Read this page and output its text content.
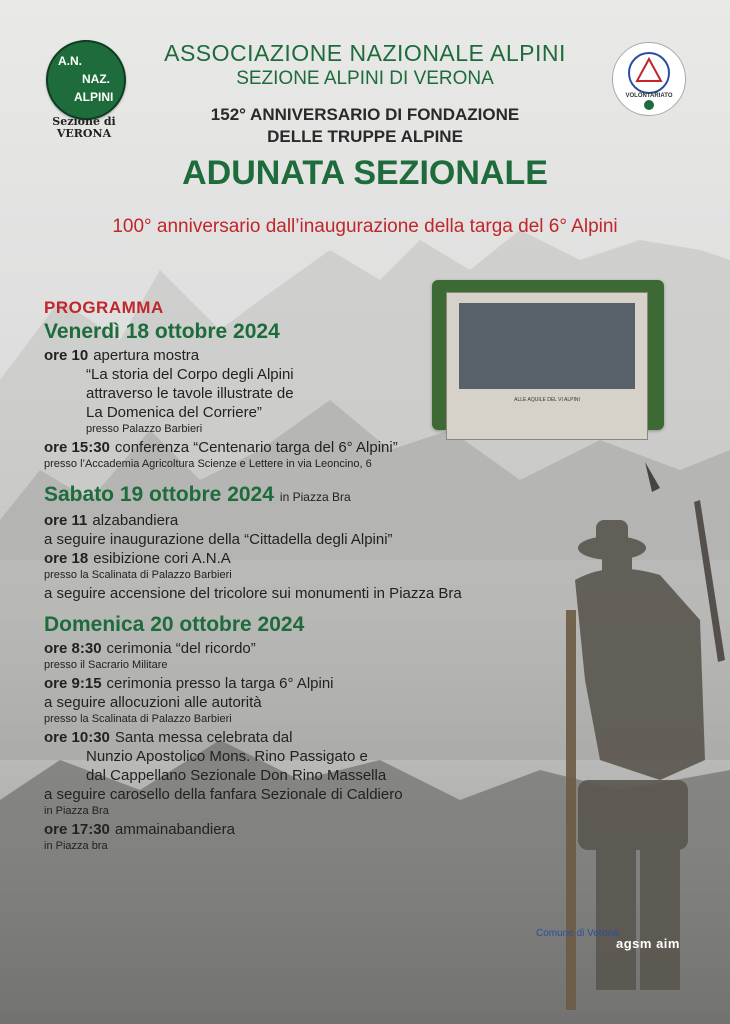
A.N.
NAZ.
ALPINI
Sezione di
VERONA
VOLONTARIATO
ASSOCIAZIONE NAZIONALE ALPINI
SEZIONE ALPINI DI VERONA
152° ANNIVERSARIO DI FONDAZIONE
DELLE TRUPPE ALPINE
ADUNATA SEZIONALE
100° anniversario dall’inaugurazione della targa del 6° Alpini
ALLE AQUILE DEL VI ALPINI
PROGRAMMA
Venerdì 18 ottobre 2024
ore 10 apertura mostra
“La storia del Corpo degli Alpini
attraverso le tavole illustrate de
La Domenica del Corriere”
presso Palazzo Barbieri
ore 15:30 conferenza “Centenario targa del 6° Alpini”
presso l’Accademia Agricoltura Scienze e Lettere in via Leoncino, 6
Sabato 19 ottobre 2024 in Piazza Bra
ore 11 alzabandiera
a seguire inaugurazione della “Cittadella degli Alpini”
ore 18 esibizione cori A.N.A
presso la Scalinata di Palazzo Barbieri
a seguire accensione del tricolore sui monumenti in Piazza Bra
Domenica 20 ottobre 2024
ore 8:30 cerimonia “del ricordo”
presso il Sacrario Militare
ore 9:15 cerimonia presso la targa 6° Alpini
a seguire allocuzioni alle autorità
presso la Scalinata di Palazzo Barbieri
ore 10:30 Santa messa celebrata dal
Nunzio Apostolico Mons. Rino Passigato e
dal Cappellano Sezionale Don Rino Massella
a seguire carosello della fanfara Sezionale di Caldiero
in Piazza Bra
ore 17:30 ammainabandiera
in Piazza bra
Comune di Verona
agsm aim
